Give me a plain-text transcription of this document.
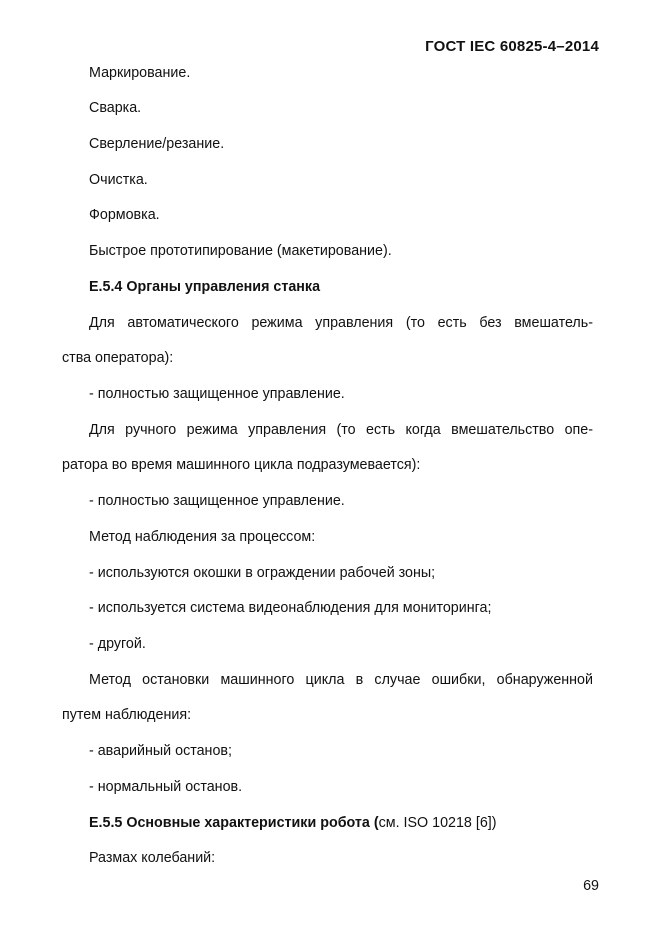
ГОСТ IEC 60825-4–2014
Маркирование.
Сварка.
Сверление/резание.
Очистка.
Формовка.
Быстрое прототипирование (макетирование).
E.5.4 Органы управления станка
Для автоматического режима управления (то есть без вмешатель-
ства оператора):
- полностью защищенное управление.
Для ручного режима управления (то есть когда вмешательство опе-
ратора во время машинного цикла подразумевается):
- полностью защищенное управление.
Метод наблюдения за процессом:
- используются окошки в ограждении рабочей зоны;
- используется система видеонаблюдения для мониторинга;
- другой.
Метод остановки машинного цикла в случае ошибки, обнаруженной
путем наблюдения:
- аварийный останов;
- нормальный останов.
E.5.5 Основные характеристики робота (см. ISO 10218 [6])
Размах колебаний:
69
